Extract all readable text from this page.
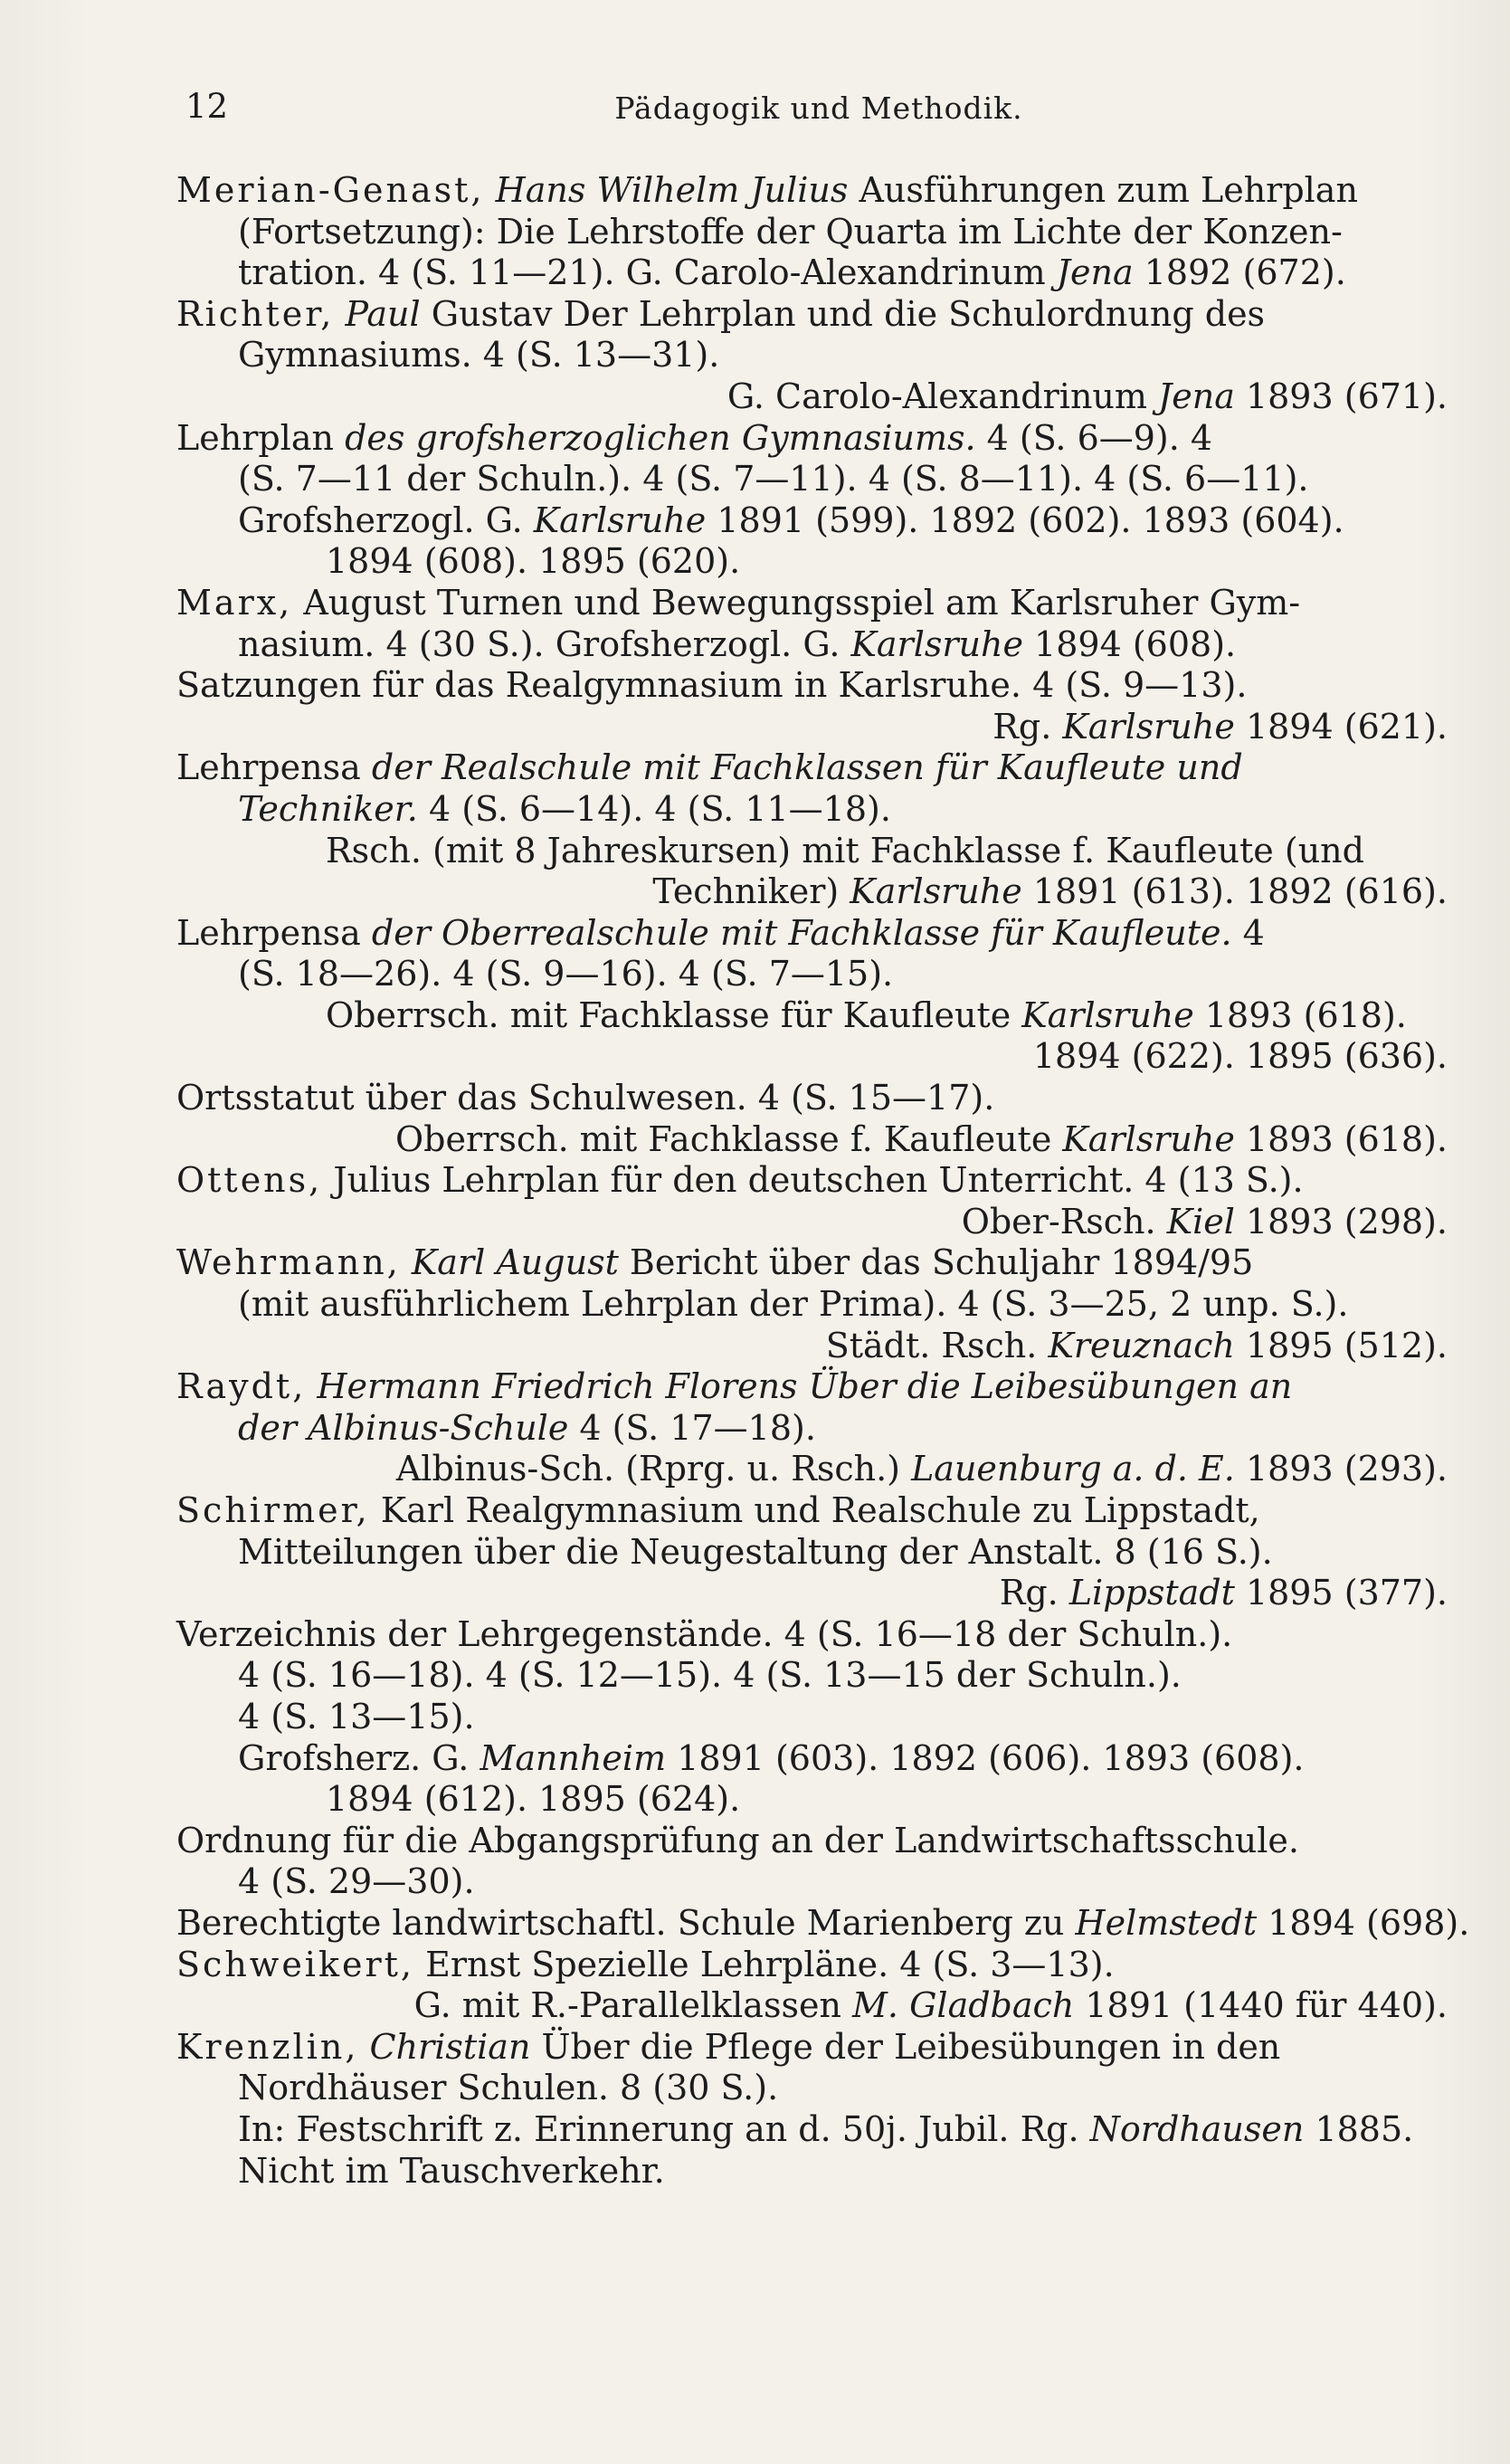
12	Pädagogik und Methodik.
Merian-Genast, Hans Wilhelm Julius Ausführungen zum Lehrplan
(Fortsetzung): Die Lehrstoffe der Quarta im Lichte der Konzen-
tration. 4 (S. 11—21). G. Carolo-Alexandrinum Jena 1892 (672).
Richter, Paul Gustav Der Lehrplan und die Schulordnung des
Gymnasiums. 4 (S. 13—31).
G. Carolo-Alexandrinum Jena 1893 (671).
Lehrplan des grofsherzoglichen Gymnasiums. 4 (S. 6—9). 4
(S. 7—11 der Schuln.). 4 (S. 7—11). 4 (S. 8—11). 4 (S. 6—11).
Grofsherzogl. G. Karlsruhe 1891 (599). 1892 (602). 1893 (604).
1894 (608). 1895 (620).
Marx, August Turnen und Bewegungsspiel am Karlsruher Gym-
nasium. 4 (30 S.). Grofsherzogl. G. Karlsruhe 1894 (608).
Satzungen für das Realgymnasium in Karlsruhe. 4 (S. 9—13).
Rg. Karlsruhe 1894 (621).
Lehrpensa der Realschule mit Fachklassen für Kaufleute und
Techniker. 4 (S. 6—14). 4 (S. 11—18).
Rsch. (mit 8 Jahreskursen) mit Fachklasse f. Kaufleute (und
Techniker) Karlsruhe 1891 (613). 1892 (616).
Lehrpensa der Oberrealschule mit Fachklasse für Kaufleute. 4
(S. 18—26). 4 (S. 9—16). 4 (S. 7—15).
Oberrsch. mit Fachklasse für Kaufleute Karlsruhe 1893 (618).
1894 (622). 1895 (636).
Ortsstatut über das Schulwesen. 4 (S. 15—17).
Oberrsch. mit Fachklasse f. Kaufleute Karlsruhe 1893 (618).
Ottens, Julius Lehrplan für den deutschen Unterricht. 4 (13 S.).
Ober-Rsch. Kiel 1893 (298).
Wehrmann, Karl August Bericht über das Schuljahr 1894/95
(mit ausführlichem Lehrplan der Prima). 4 (S. 3—25, 2 unp. S.).
Städt. Rsch. Kreuznach 1895 (512).
Raydt, Hermann Friedrich Florens Über die Leibesübungen an
der Albinus-Schule 4 (S. 17—18).
Albinus-Sch. (Rprg. u. Rsch.) Lauenburg a. d. E. 1893 (293).
Schirmer, Karl Realgymnasium und Realschule zu Lippstadt,
Mitteilungen über die Neugestaltung der Anstalt. 8 (16 S.).
Rg. Lippstadt 1895 (377).
Verzeichnis der Lehrgegenstände. 4 (S. 16—18 der Schuln.).
4 (S. 16—18). 4 (S. 12—15). 4 (S. 13—15 der Schuln.).
4 (S. 13—15).
Grofsherz. G. Mannheim 1891 (603). 1892 (606). 1893 (608).
1894 (612). 1895 (624).
Ordnung für die Abgangsprüfung an der Landwirtschaftsschule.
4 (S. 29—30).
Berechtigte landwirtschaftl. Schule Marienberg zu Helmstedt 1894 (698).
Schweikert, Ernst Spezielle Lehrpläne. 4 (S. 3—13).
G. mit R.-Parallelklassen M. Gladbach 1891 (1440 für 440).
Krenzlin, Christian Über die Pflege der Leibesübungen in den
Nordhäuser Schulen. 8 (30 S.).
In: Festschrift z. Erinnerung an d. 50j. Jubil. Rg. Nordhausen 1885.
Nicht im Tauschverkehr.
